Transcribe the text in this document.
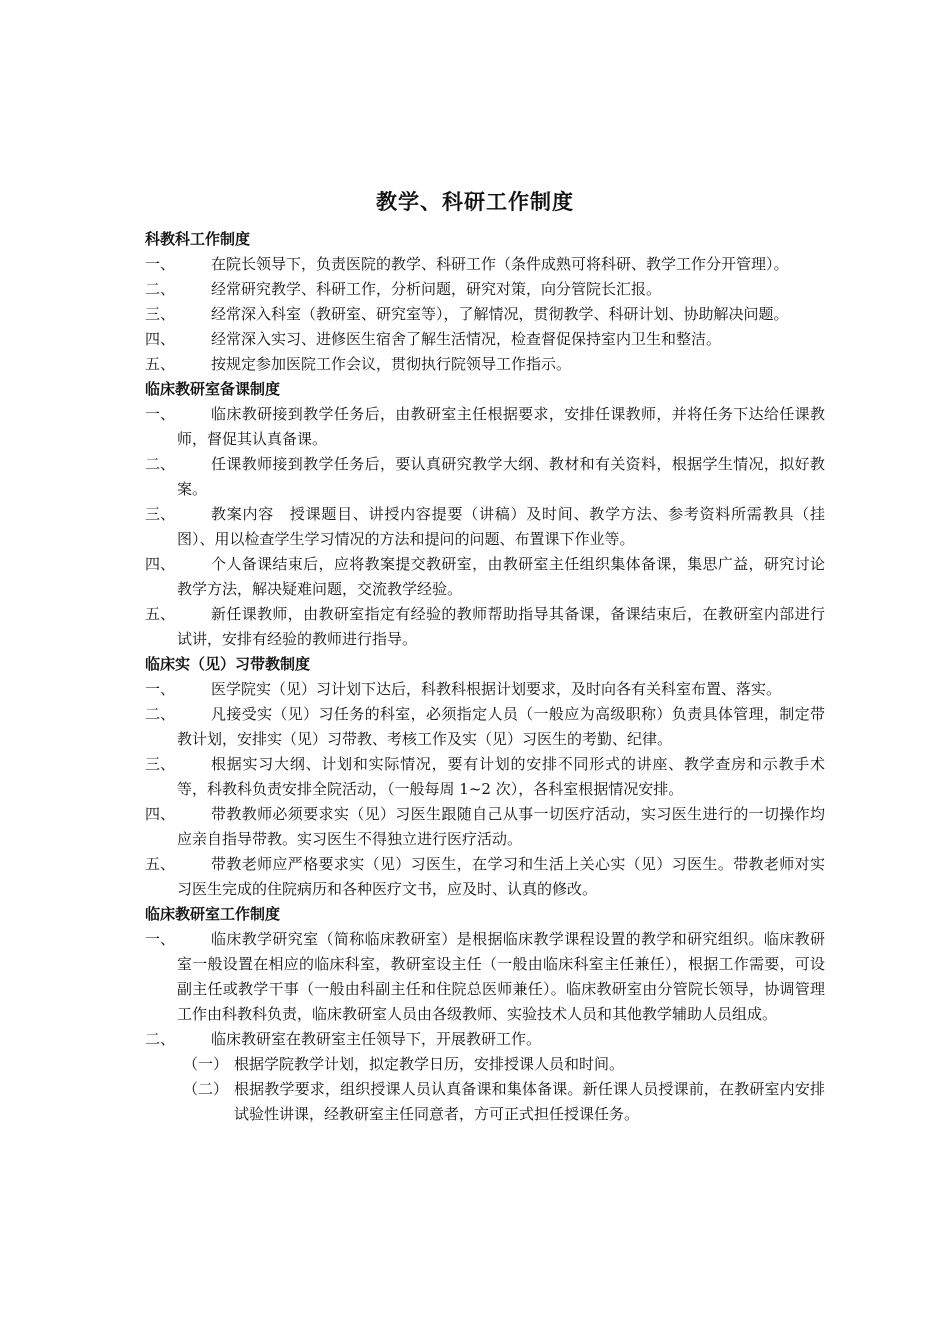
教学、科研工作制度

科教科工作制度

一、	在院长领导下，负责医院的教学、科研工作（条件成熟可将科研、教学工作分开管理）。
二、	经常研究教学、科研工作，分析问题，研究对策，向分管院长汇报。
三、	经常深入科室（教研室、研究室等），了解情况，贯彻教学、科研计划、协助解决问题。
四、	经常深入实习、进修医生宿舍了解生活情况，检查督促保持室内卫生和整洁。
五、	按规定参加医院工作会议，贯彻执行院领导工作指示。

临床教研室备课制度

一、	临床教研接到教学任务后，由教研室主任根据要求，安排任课教师，并将任务下达给任课教师，督促其认真备课。
二、	任课教师接到教学任务后，要认真研究教学大纲、教材和有关资料，根据学生情况，拟好教案。
三、	教案内容　授课题目、讲授内容提要（讲稿）及时间、教学方法、参考资料所需教具（挂图）、用以检查学生学习情况的方法和提问的问题、布置课下作业等。
四、	个人备课结束后，应将教案提交教研室，由教研室主任组织集体备课，集思广益，研究讨论教学方法，解决疑难问题，交流教学经验。
五、	新任课教师，由教研室指定有经验的教师帮助指导其备课，备课结束后，在教研室内部进行试讲，安排有经验的教师进行指导。

临床实（见）习带教制度

一、	医学院实（见）习计划下达后，科教科根据计划要求，及时向各有关科室布置、落实。
二、	凡接受实（见）习任务的科室，必须指定人员（一般应为高级职称）负责具体管理，制定带教计划，安排实（见）习带教、考核工作及实（见）习医生的考勤、纪律。
三、	根据实习大纲、计划和实际情况，要有计划的安排不同形式的讲座、教学查房和示教手术等，科教科负责安排全院活动，（一般每周 1~2 次），各科室根据情况安排。
四、	带教教师必须要求实（见）习医生跟随自己从事一切医疗活动，实习医生进行的一切操作均应亲自指导带教。实习医生不得独立进行医疗活动。
五、	带教老师应严格要求实（见）习医生，在学习和生活上关心实（见）习医生。带教老师对实习医生完成的住院病历和各种医疗文书，应及时、认真的修改。

临床教研室工作制度

一、	临床教学研究室（简称临床教研室）是根据临床教学课程设置的教学和研究组织。临床教研室一般设置在相应的临床科室，教研室设主任（一般由临床科室主任兼任），根据工作需要，可设副主任或教学干事（一般由科副主任和住院总医师兼任）。临床教研室由分管院长领导，协调管理工作由科教科负责，临床教研室人员由各级教师、实验技术人员和其他教学辅助人员组成。
二、	临床教研室在教研室主任领导下，开展教研工作。
（一） 根据学院教学计划，拟定教学日历，安排授课人员和时间。
（二） 根据教学要求，组织授课人员认真备课和集体备课。新任课人员授课前，在教研室内安排试验性讲课，经教研室主任同意者，方可正式担任授课任务。
